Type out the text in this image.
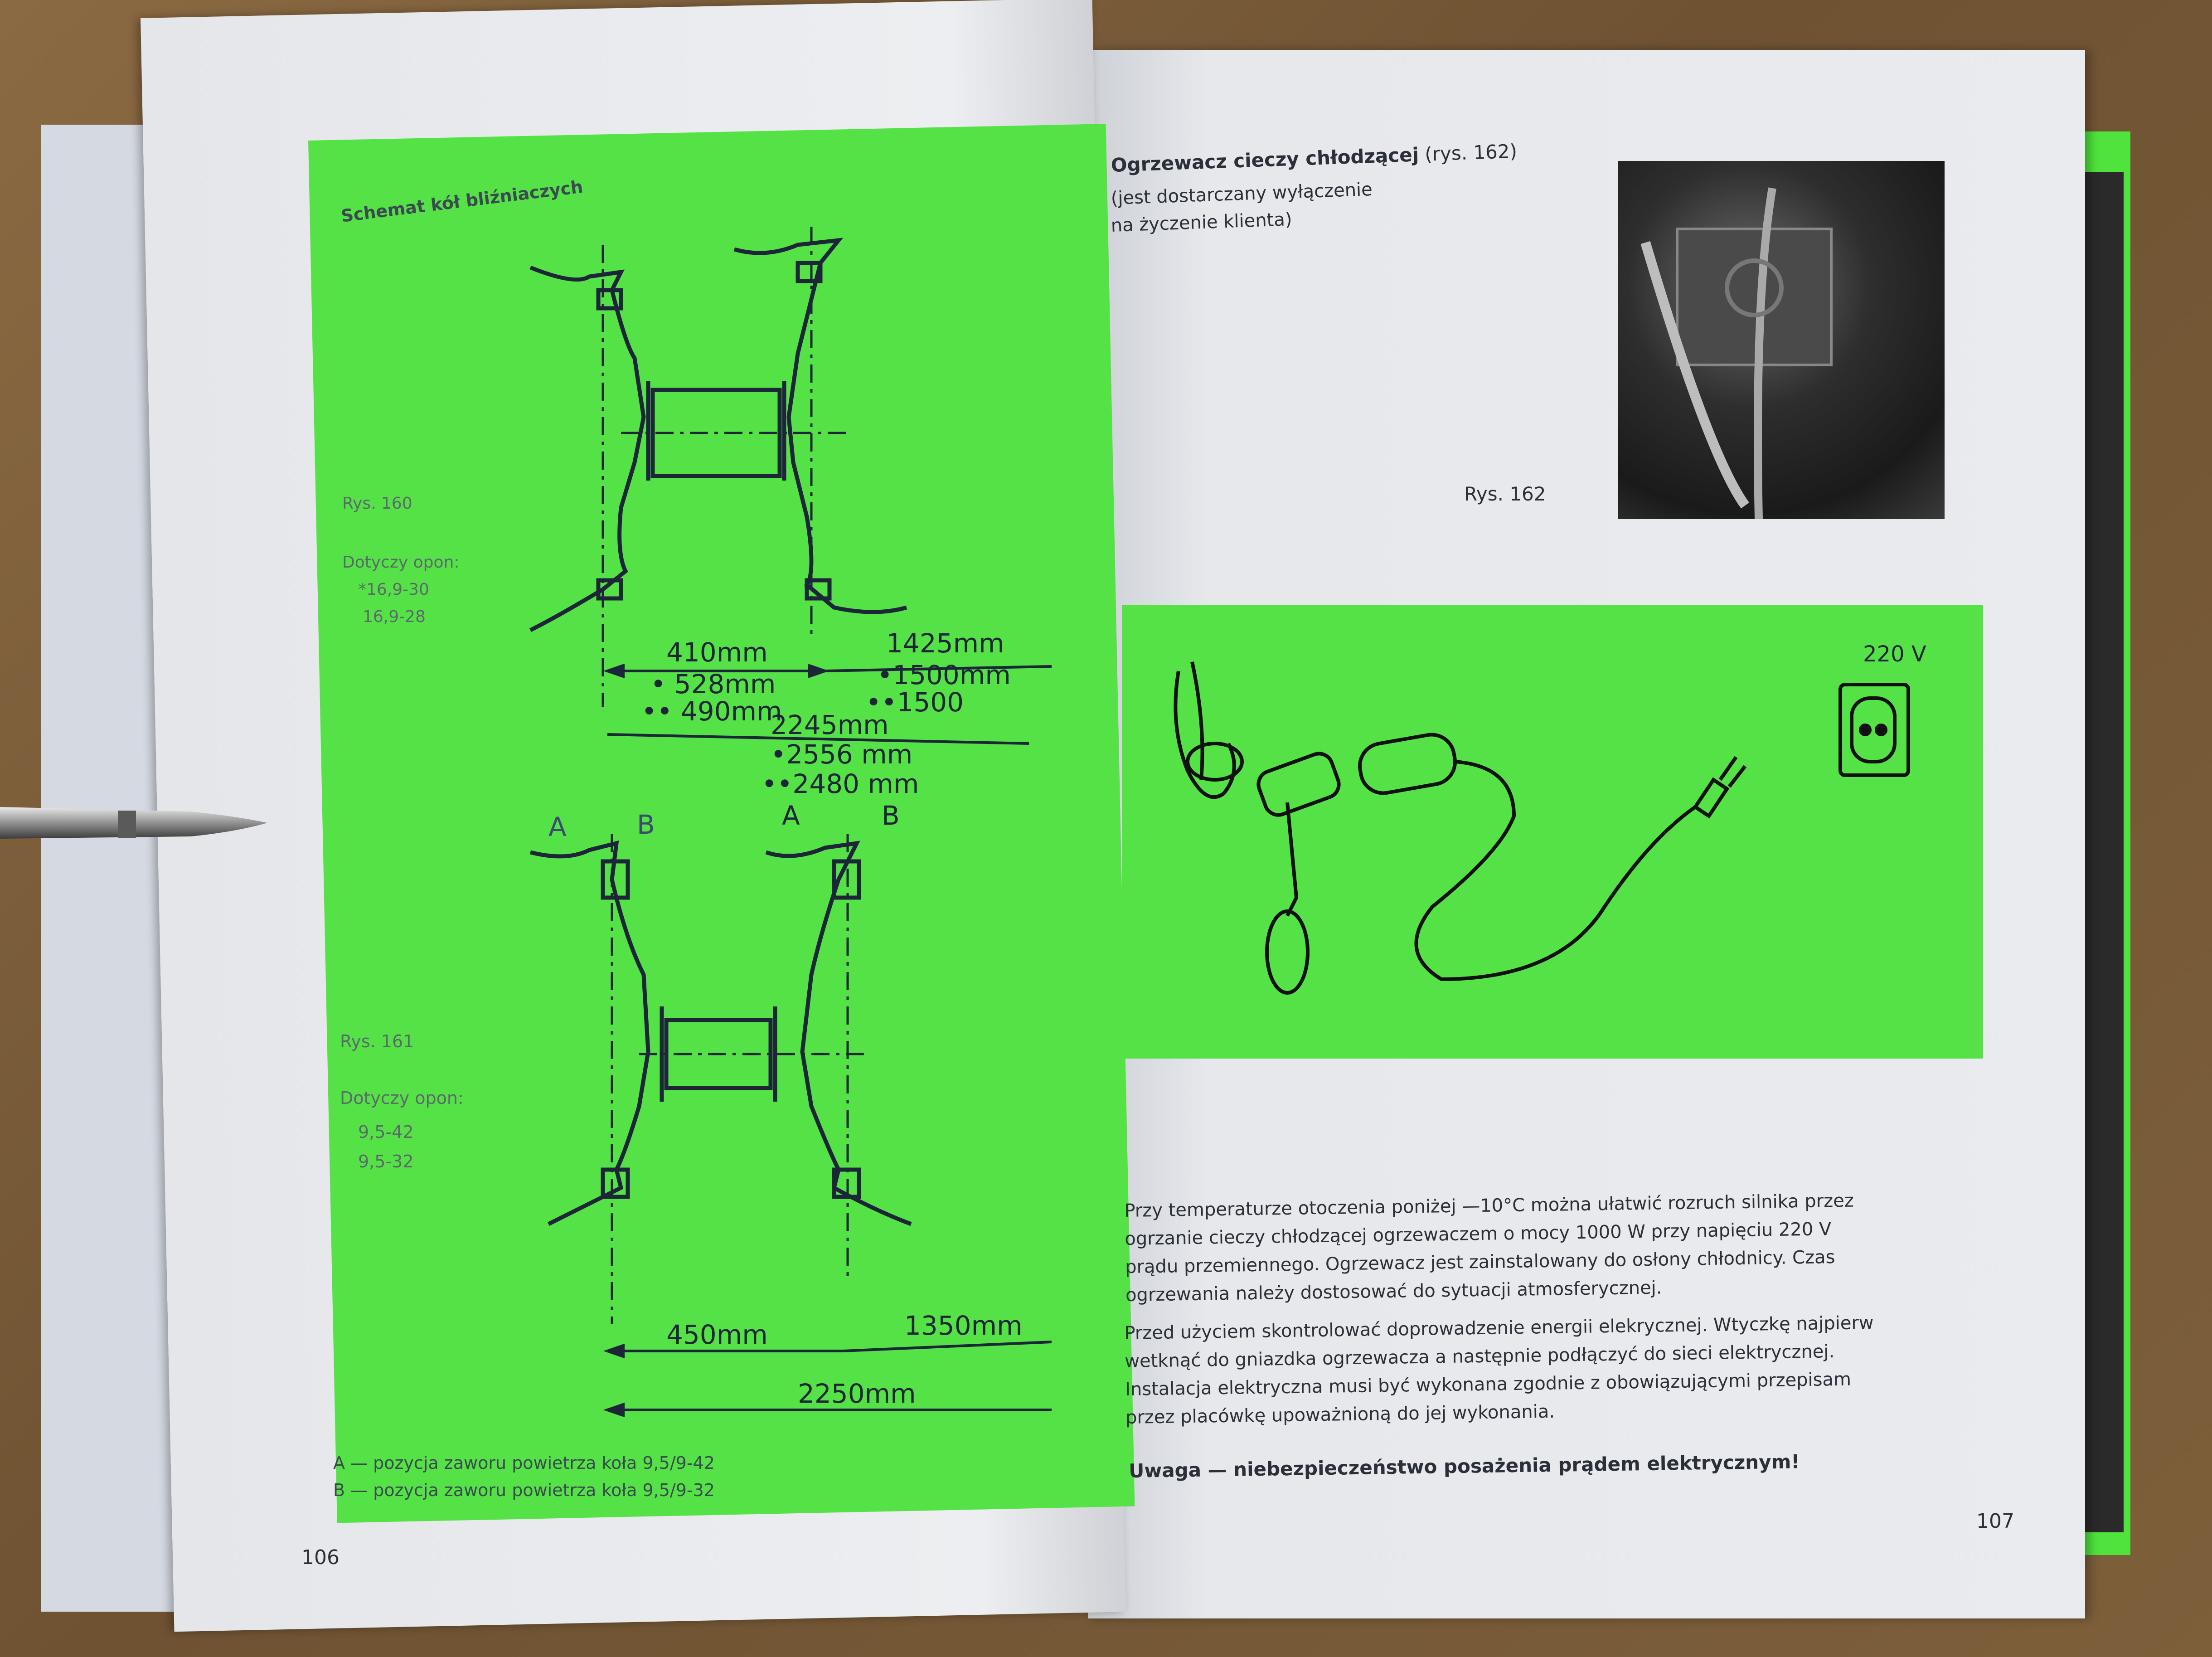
Schemat kół bliźniaczych
Rys. 160
Dotyczy opon:
*16,9-30
16,9-28
410mm	1425mm
• 528mm	•1500mm
•• 490mm	••1500
2245mm
•2556 mm
••2480 mm
A	B	A	B
Rys. 161
Dotyczy opon:
9,5-42
9,5-32
450mm	1350mm
2250mm
A — pozycja zaworu powietrza koła 9,5/9-42
B — pozycja zaworu powietrza koła 9,5/9-32
106
Ogrzewacz cieczy chłodzącej (rys. 162)
(jest dostarczany wyłączenie
na życzenie klienta)
Rys. 162
220 V
Przy temperaturze otoczenia poniżej —10°C można ułatwić rozruch silnika przez
ogrzanie cieczy chłodzącej ogrzewaczem o mocy 1000 W przy napięciu 220 V
prądu przemiennego. Ogrzewacz jest zainstalowany do osłony chłodnicy. Czas
ogrzewania należy dostosować do sytuacji atmosferycznej.
Przed użyciem skontrolować doprowadzenie energii elekrycznej. Wtyczkę najpierw
wetknąć do gniazdka ogrzewacza a następnie podłączyć do sieci elektrycznej.
Instalacja elektryczna musi być wykonana zgodnie z obowiązującymi przepisam
przez placówkę upoważnioną do jej wykonania.
Uwaga — niebezpieczeństwo posażenia prądem elektrycznym!
107
